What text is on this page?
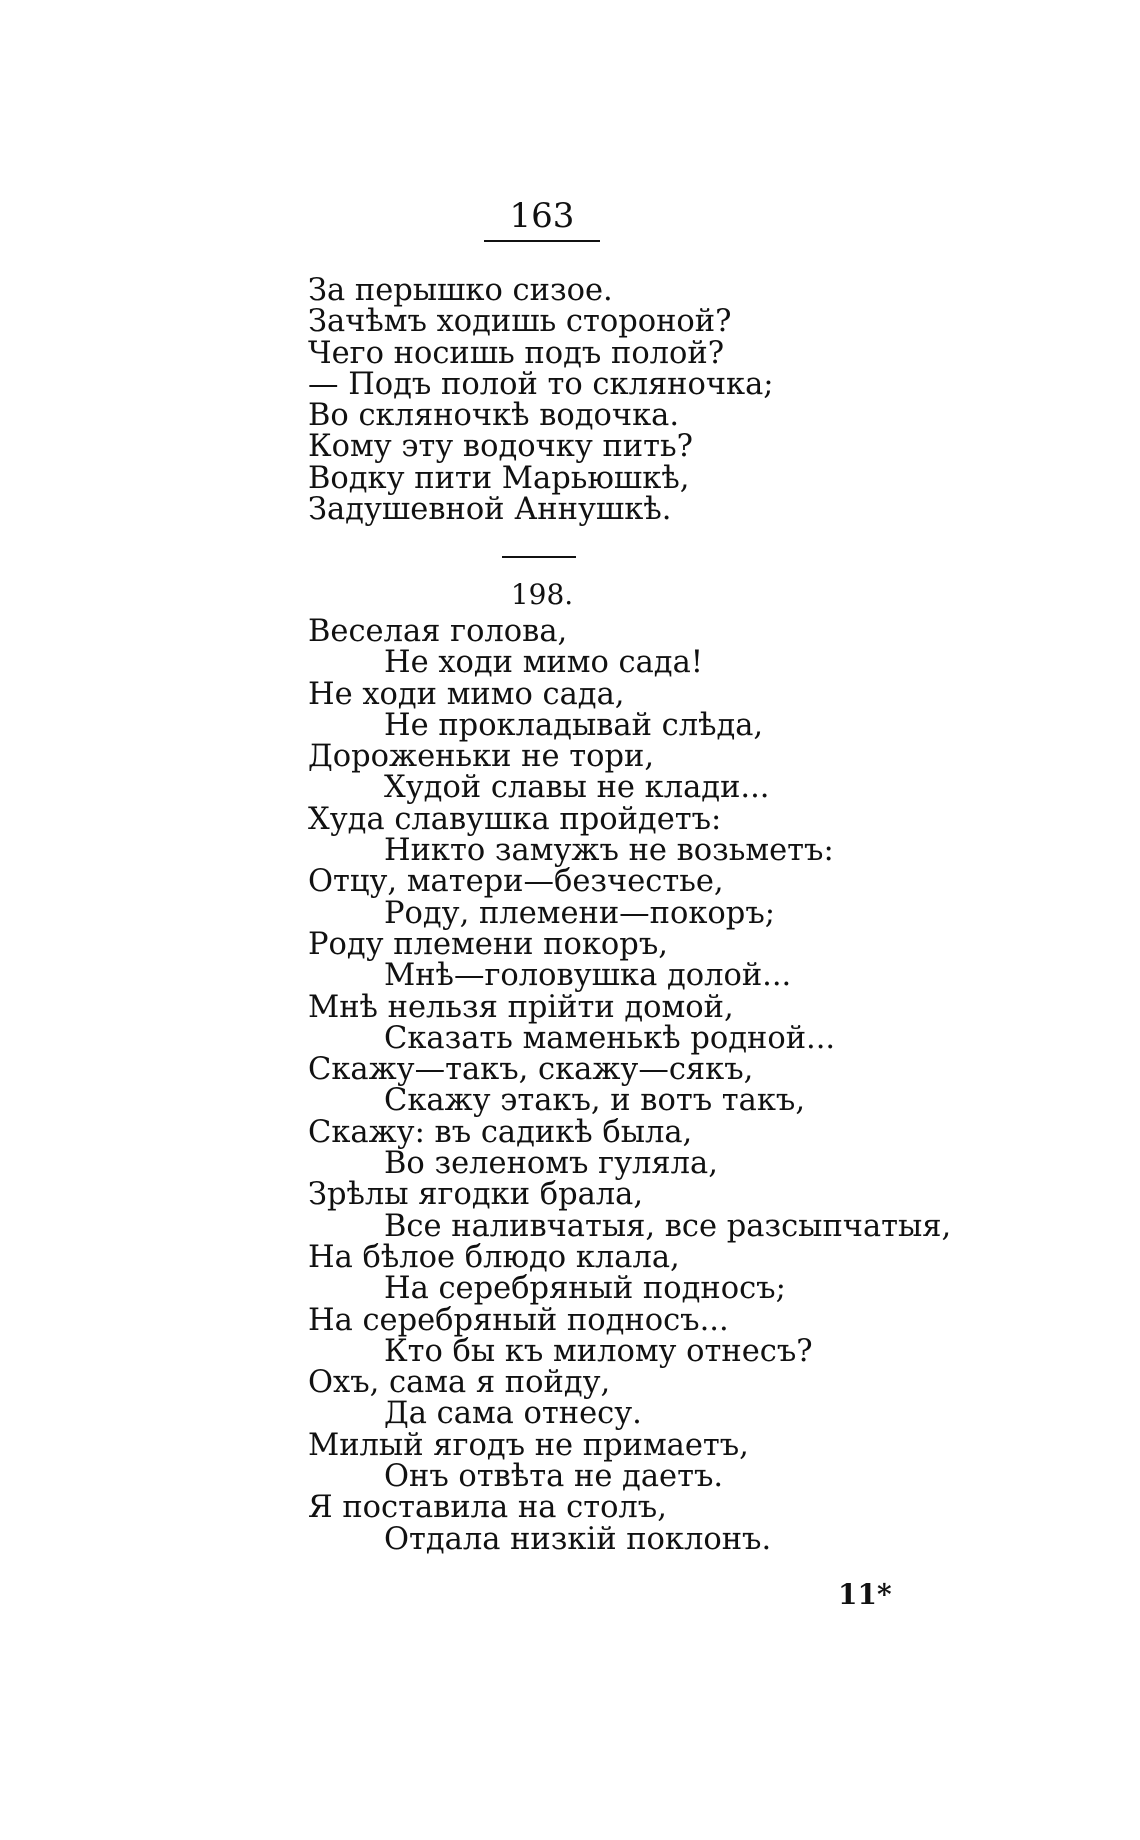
163
За перышко сизое.
Зачѣмъ ходишь стороной?
Чего носишь подъ полой?
— Подъ полой то скляночка;
Во скляночкѣ водочка.
Кому эту водочку пить?
Водку пити Марьюшкѣ,
Задушевной Аннушкѣ.
198.
Веселая голова,
Не ходи мимо сада!
Не ходи мимо сада,
Не прокладывай слѣда,
Дороженьки не тори,
Худой славы не клади...
Худа славушка пройдетъ:
Никто замужъ не возьметъ:
Отцу, матери—безчестье,
Роду, племени—покоръ;
Роду племени покоръ,
Мнѣ—головушка долой...
Мнѣ нельзя прійти домой,
Сказать маменькѣ родной...
Скажу—такъ, скажу—сякъ,
Скажу этакъ, и вотъ такъ,
Скажу: въ садикѣ была,
Во зеленомъ гуляла,
Зрѣлы ягодки брала,
Все наливчатыя, все разсыпчатыя,
На бѣлое блюдо клала,
На серебряный подносъ;
На серебряный подносъ...
Кто бы къ милому отнесъ?
Охъ, сама я пойду,
Да сама отнесу.
Милый ягодъ не примаетъ,
Онъ отвѣта не даетъ.
Я поставила на столъ,
Отдала низкій поклонъ.
11*
